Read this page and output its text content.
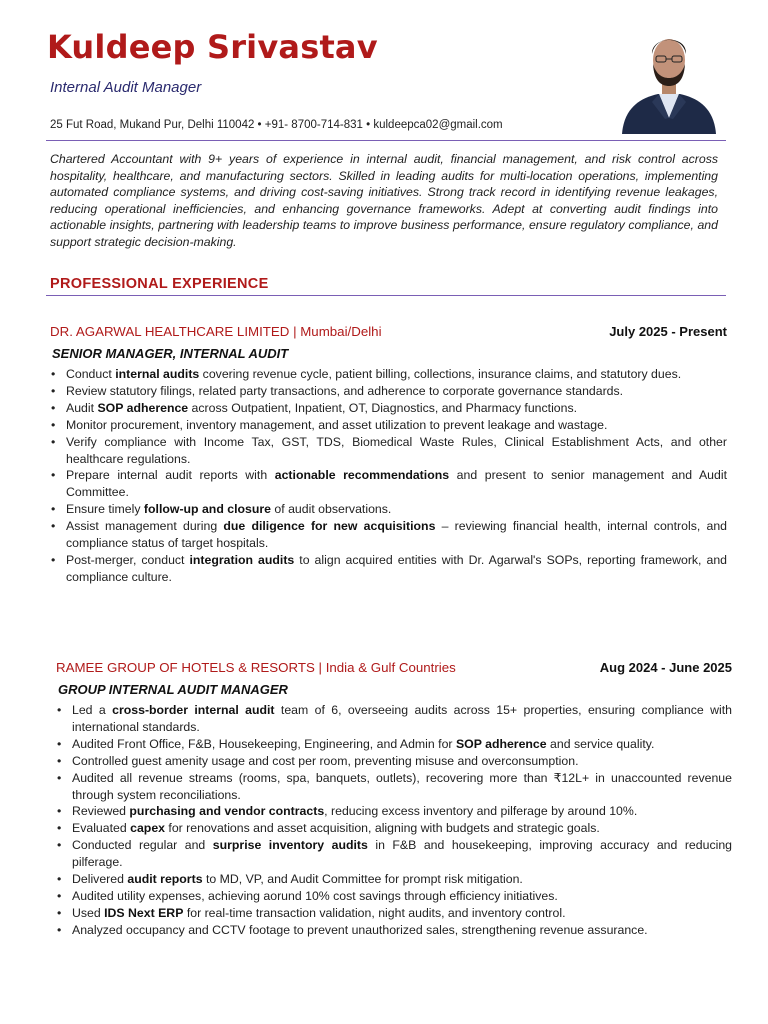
Kuldeep Srivastav
Internal Audit Manager
25 Fut Road, Mukand Pur, Delhi 110042 • +91- 8700-714-831 • kuldeepca02@gmail.com

Chartered Accountant with 9+ years of experience in internal audit, financial management, and risk control across hospitality, healthcare, and manufacturing sectors. Skilled in leading audits for multi-location operations, implementing automated compliance systems, and driving cost-saving initiatives. Strong track record in identifying revenue leakages, reducing operational inefficiencies, and enhancing governance frameworks. Adept at converting audit findings into actionable insights, partnering with leadership teams to improve business performance, ensure regulatory compliance, and support strategic decision-making.

PROFESSIONAL EXPERIENCE
DR. AGARWAL HEALTHCARE LIMITED | Mumbai/Delhi	July 2025 - Present
SENIOR MANAGER, INTERNAL AUDIT
• Conduct internal audits covering revenue cycle, patient billing, collections, insurance claims, and statutory dues.
• Review statutory filings, related party transactions, and adherence to corporate governance standards.
• Audit SOP adherence across Outpatient, Inpatient, OT, Diagnostics, and Pharmacy functions.
• Monitor procurement, inventory management, and asset utilization to prevent leakage and wastage.
• Verify compliance with Income Tax, GST, TDS, Biomedical Waste Rules, Clinical Establishment Acts, and other healthcare regulations.
• Prepare internal audit reports with actionable recommendations and present to senior management and Audit Committee.
• Ensure timely follow-up and closure of audit observations.
• Assist management during due diligence for new acquisitions – reviewing financial health, internal controls, and compliance status of target hospitals.
• Post-merger, conduct integration audits to align acquired entities with Dr. Agarwal's SOPs, reporting framework, and compliance culture.
RAMEE GROUP OF HOTELS & RESORTS | India & Gulf Countries	Aug 2024 - June 2025
GROUP INTERNAL AUDIT MANAGER
• Led a cross-border internal audit team of 6, overseeing audits across 15+ properties, ensuring compliance with international standards.
• Audited Front Office, F&B, Housekeeping, Engineering, and Admin for SOP adherence and service quality.
• Controlled guest amenity usage and cost per room, preventing misuse and overconsumption.
• Audited all revenue streams (rooms, spa, banquets, outlets), recovering more than ₹12L+ in unaccounted revenue through system reconciliations.
• Reviewed purchasing and vendor contracts, reducing excess inventory and pilferage by around 10%.
• Evaluated capex for renovations and asset acquisition, aligning with budgets and strategic goals.
• Conducted regular and surprise inventory audits in F&B and housekeeping, improving accuracy and reducing pilferage.
• Delivered audit reports to MD, VP, and Audit Committee for prompt risk mitigation.
• Audited utility expenses, achieving aorund 10% cost savings through efficiency initiatives.
• Used IDS Next ERP for real-time transaction validation, night audits, and inventory control.
• Analyzed occupancy and CCTV footage to prevent unauthorized sales, strengthening revenue assurance.
